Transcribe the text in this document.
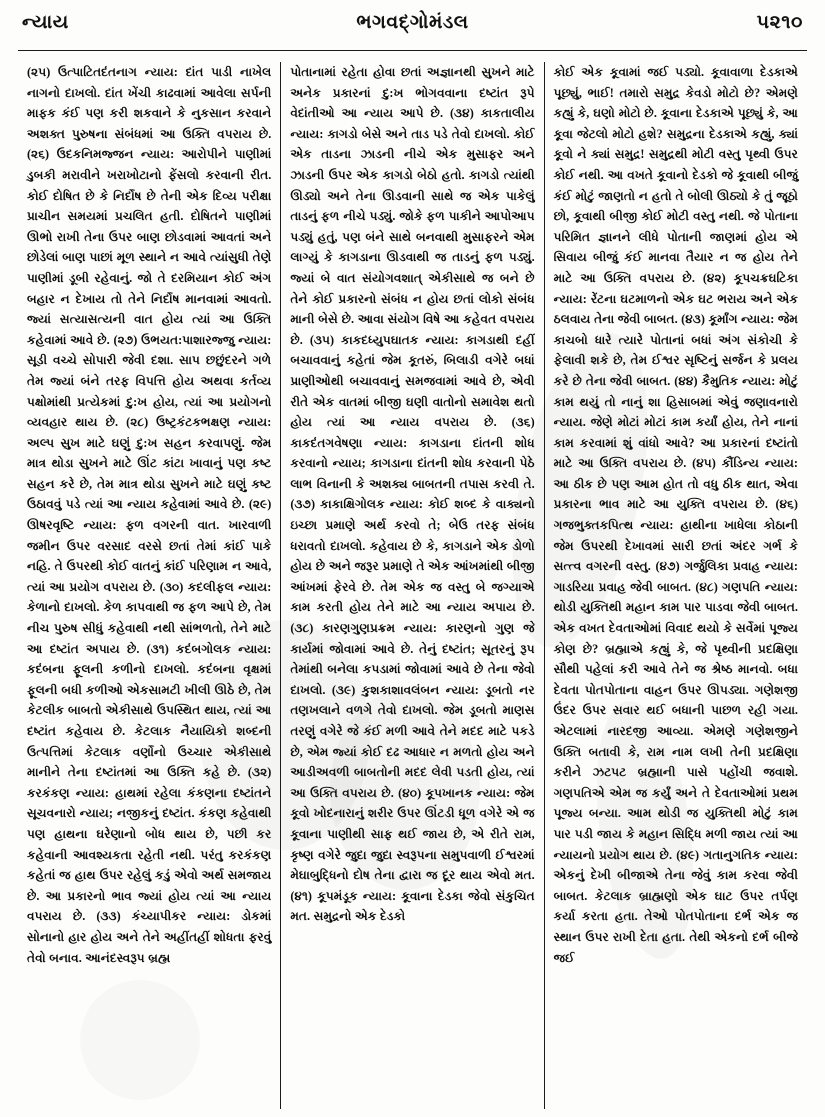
ન્યાય	ભગવદ્ગોમંડલ	૫૨૧૦

(૨૫) ઉત્પાટિતદંતનાગ ન્યાય: દાંત પાડી નાખેલ નાગનો દાખલો. દાંત ખેંચી કાઢવામાં આવેલા સર્પની માફક કંઈ પણ કરી શકવાને કે નુકસાન કરવાને અશક્ત પુરુષના સંબંધમાં આ ઉક્તિ વપરાય છે. (૨૬) ઉદકનિમજ્જન ન્યાય: આરોપીને પાણીમાં ડુબકી મરાવીને ખરાખોટાનો ફેંસલો કરવાની રીત. કોઈ દોષિત છે કે નિર્દોષ છે તેની એક દિવ્ય પરીક્ષા પ્રાચીન સમયમાં પ્રચલિત હતી. દોષિતને પાણીમાં ઊભો રાખી તેના ઉપર બાણ છોડવામાં આવતાં અને છોડેલાં બાણ પાછાં મૂળ સ્થાને ન આવે ત્યાંસુધી તેણે પાણીમાં ડૂબી રહેવાનું. જો તે દરમિયાન કોઈ અંગ બહાર ન દેખાય તો તેને નિર્દોષ માનવામાં આવતો. જ્યાં સત્યાસત્યની વાત હોય ત્યાં આ ઉક્તિ કહેવામાં આવે છે. (૨૭) ઉભયત:પાશારજ્જુ ન્યાય: સૂડી વચ્ચે સોપારી જેવી દશા. સાપ છછુંદરને ગળે તેમ જ્યાં બંને તરફ વિપત્તિ હોય અથવા કર્તવ્ય પક્ષોમાંથી પ્રત્યેકમાં દુ:ખ હોય, ત્યાં આ પ્રયોગનો વ્યવહાર થાય છે. (૨૮) ઉષ્ટ્રકંટકભક્ષણ ન્યાય: અલ્પ સુખ માટે ઘણું દુ:ખ સહન કરવાપણું. જેમ માત્ર થોડા સુખને માટે ઊંટ કાંટા ખાવાનું પણ કષ્ટ સહન કરે છે, તેમ માત્ર થોડા સુખને માટે ઘણું કષ્ટ ઉઠાવવું પડે ત્યાં આ ન્યાય કહેવામાં આવે છે. (૨૯) ઊષરવૃષ્ટિ ન્યાય: ફળ વગરની વાત. ખારવાળી જમીન ઉપર વરસાદ વરસે છતાં તેમાં કાંઈ પાકે નહિ. તે ઉપરથી કોઈ વાતનું કાંઈ પરિણામ ન આવે, ત્યાં આ પ્રયોગ વપરાય છે. (૩૦) કદલીફલ ન્યાય: કેળાનો દાખલો. કેળ કાપવાથી જ ફળ આપે છે, તેમ નીચ પુરુષ સીધું કહેવાથી નથી સાંભળતો, તેને માટે આ દષ્ટાંત અપાય છે. (૩૧) કદંબગોલક ન્યાય: કદંબના ફૂલની કળીનો દાખલો. કદંબના વૃક્ષમાં ફૂલની બધી કળીઓ એકસામટી ખીલી ઊઠે છે, તેમ કેટલીક બાબતો એકીસાથે ઉપસ્થિત થાય, ત્યાં આ દષ્ટાંત કહેવાય છે. કેટલાક નૈયાયિકો શબ્દની ઉત્પત્તિમાં કેટલાક વર્ણોનો ઉચ્ચાર એકીસાથે માનીને તેના દષ્ટાંતમાં આ ઉક્તિ કહે છે. (૩૨) કરકંકણ ન્યાય: હાથમાં રહેલા કંકણના દષ્ટાંતને સૂચવનારો ન્યાય; નજીકનું દષ્ટાંત. કંકણ કહેવાથી પણ હાથના ઘરેણાનો બોધ થાય છે, પછી કર કહેવાની આવશ્યકતા રહેતી નથી. પરંતુ કરકંકણ કહેતાં જ હાથ ઉપર રહેલું કડું એવો અર્થ સમજાય છે. આ પ્રકારનો ભાવ જ્યાં હોય ત્યાં આ ન્યાય વપરાય છે. (૩૩) કંચ્યાપીકર ન્યાય: ડોકમાં સોનાનો હાર હોય અને તેને અહીંતહીં શોધતા ફરવું તેવો બનાવ. આનંદસ્વરૂપ બ્રહ્મ

પોતાનામાં રહેતા હોવા છતાં અજ્ઞાનથી સુખને માટે અનેક પ્રકારનાં દુ:ખ ભોગવવાના દષ્ટાંત રૂપે વેદાંતીઓ આ ન્યાય આપે છે. (૩૪) કાકતાલીય ન્યાય: કાગડો બેસે અને તાડ પડે તેવો દાખલો. કોઈ એક તાડના ઝાડની નીચે એક મુસાફર અને ઝાડની ઉપર એક કાગડો બેઠો હતો. કાગડો ત્યાંથી ઊડ્યો અને તેના ઊડવાની સાથે જ એક પાકેલું તાડનું ફળ નીચે પડ્યું. જોકે ફળ પાકીને આપોઆપ પડ્યું હતું, પણ બંને સાથે બનવાથી મુસાફરને એમ લાગ્યું કે કાગડાના ઊડવાથી જ તાડનું ફળ પડ્યું. જ્યાં બે વાત સંયોગવશાત્ એકીસાથે જ બને છે તેને કોઈ પ્રકારનો સંબંધ ન હોય છતાં લોકો સંબંધ માની બેસે છે. આવા સંયોગ વિષે આ કહેવત વપરાય છે. (૩૫) કાકદધ્યુપઘાતક ન્યાય: કાગડાથી દહીં બચાવવાનું કહેતાં જેમ કૂતરું, બિલાડી વગેરે બધાં પ્રાણીઓથી બચાવવાનું સમજવામાં આવે છે, એવી રીતે એક વાતમાં બીજી ઘણી વાતોનો સમાવેશ થતો હોય ત્યાં આ ન્યાય વપરાય છે. (૩૬) કાકદંતગવેષણા ન્યાય: કાગડાના દાંતની શોધ કરવાનો ન્યાય; કાગડાના દાંતની શોધ કરવાની પેઠે લાભ વિનાની કે અશક્ય બાબતની તપાસ કરવી તે. (૩૭) કાકાક્ષિગોલક ન્યાય: કોઈ શબ્દ કે વાક્યનો ઇચ્છા પ્રમાણે અર્થ કરવો તે; બેઉ તરફ સંબંધ ધરાવતો દાખલો. કહેવાય છે કે, કાગડાને એક ડોળો હોય છે અને જરૂર પ્રમાણે તે એક આંખમાંથી બીજી આંખમાં ફેરવે છે. તેમ એક જ વસ્તુ બે જગ્યાએ કામ કરતી હોય તેને માટે આ ન્યાય અપાય છે. (૩૮) કારણગુણપ્રક્રમ ન્યાય: કારણનો ગુણ જે કાર્યમાં જોવામાં આવે છે. તેનું દષ્ટાંત; સૂતરનું રૂપ તેમાંથી બનેલા કપડામાં જોવામાં આવે છે તેના જેવો દાખલો. (૩૯) કુશકાશાવલંબન ન્યાય: ડૂબતો નર તણખલાને વળગે તેવો દાખલો. જેમ ડૂબતો માણસ તરણું વગેરે જે કંઈ મળી આવે તેને મદદ માટે પકડે છે, એમ જ્યાં કોઈ દઢ આધાર ન મળતો હોય અને આડીઅવળી બાબતોની મદદ લેવી પડતી હોય, ત્યાં આ ઉક્તિ વપરાય છે. (૪૦) કૂપખાનક ન્યાય: જેમ કૂવો ખોદનારાનું શરીર ઉપર ઊંટડી ધૂળ વગેરે એ જ કૂવાના પાણીથી સાફ થઈ જાય છે, એ રીતે રામ, કૃષ્ણ વગેરે જુદા જુદા સ્વરૂપના સમુપવાળી ઈશ્વરમાં મેઘાબુદ્ધિનો દોષ તેના દ્વારા જ દૂર થાય એવો મત. (૪૧) કૂપમંડૂક ન્યાય: કૂવાના દેડકા જેવો સંકુચિત મત. સમુદ્રનો એક દેડકો

કોઈ એક કૂવામાં જઈ પડ્યો. કૂવાવાળા દેડકાએ પૂછ્યું, ભાઈ! તમારો સમુદ્ર કેવડો મોટો છે? એમણે કહ્યું કે, ઘણો મોટો છે. કૂવાના દેડકાએ પૂછ્યું કે, આ કૂવા જેટલો મોટો હશે? સમુદ્રના દેડકાએ કહ્યું, ક્યાં કૂવો ને ક્યાં સમુદ્ર! સમુદ્રથી મોટી વસ્તુ પૃથ્વી ઉપર કોઈ નથી. આ વખતે કૂવાનો દેડકો જે કૂવાથી બીજું કંઈ મોટું જાણતો ન હતો તે બોલી ઊઠ્યો કે તું જૂઠો છો, કૂવાથી બીજી કોઈ મોટી વસ્તુ નથી. જે પોતાના પરિમિત જ્ઞાનને લીધે પોતાની જાણમાં હોય એ સિવાય બીજું કંઈ માનવા તૈયાર ન જ હોય તેને માટે આ ઉક્તિ વપરાય છે. (૪૨) કૂપચક્રઘટિકા ન્યાય: રેંટના ઘટમાળનો એક ઘટ ભરાય અને એક ઠલવાય તેના જેવી બાબત. (૪૩) કૂર્માંગ ન્યાય: જેમ કાચબો ધારે ત્યારે પોતાનાં બધાં અંગ સંકોચી કે ફેલાવી શકે છે, તેમ ઈશ્વર સૃષ્ટિનું સર્જન કે પ્રલય કરે છે તેના જેવી બાબત. (૪૪) કૈમુતિક ન્યાય: મોટું કામ થયું તો નાનું શા હિસાબમાં એવું જણાવનારો ન્યાય. જેણે મોટાં મોટાં કામ કર્યાં હોય, તેને નાનાં કામ કરવામાં શું વાંધો આવે? આ પ્રકારનાં દષ્ટાંતો માટે આ ઉક્તિ વપરાય છે. (૪૫) કૌંડિન્ય ન્યાય: આ ઠીક છે પણ આમ હોત તો વધુ ઠીક થાત, એવા પ્રકારના ભાવ માટે આ યુક્તિ વપરાય છે. (૪૬) ગજભુક્તકપિત્થ ન્યાય: હાથીના ખાધેલા કોઠાની જેમ ઉપરથી દેખાવમાં સારી છતાં અંદર ગર્ભ કે સત્ત્વ વગરની વસ્તુ. (૪૭) ગર્જુલિકા પ્રવાહ ન્યાય: ગાડરિયા પ્રવાહ જેવી બાબત. (૪૮) ગણપતિ ન્યાય: થોડી યુક્તિથી મહાન કામ પાર પાડવા જેવી બાબત. એક વખત દેવતાઓમાં વિવાદ થયો કે સર્વેમાં પૂજ્ય કોણ છે? બ્રહ્માએ કહ્યું કે, જે પૃથ્વીની પ્રદક્ષિણા સૌથી પહેલાં કરી આવે તેને જ શ્રેષ્ઠ માનવો. બધા દેવતા પોતપોતાના વાહન ઉપર ઊપડ્યા. ગણેશજી ઉંદર ઉપર સવાર થઈ બધાની પાછળ રહી ગયા. એટલામાં નારદજી આવ્યા. એમણે ગણેશજીને ઉક્તિ બતાવી કે, રામ નામ લખી તેની પ્રદક્ષિણા કરીને ઝટપટ બ્રહ્માની પાસે પહોંચી જવાશે. ગણપતિએ એમ જ કર્યું અને તે દેવતાઓમાં પ્રથમ પૂજ્ય બન્યા. આમ થોડી જ યુક્તિથી મોટું કામ પાર પડી જાય કે મહાન સિદ્ધિ મળી જાય ત્યાં આ ન્યાયનો પ્રયોગ થાય છે. (૪૯) ગતાનુગતિક ન્યાય: એકનું દેખી બીજાએ તેના જેવું કામ કરવા જેવી બાબત. કેટલાક બ્રાહ્મણો એક ઘાટ ઉપર તર્પણ કર્યા કરતા હતા. તેઓ પોતપોતાના દર્ભ એક જ સ્થાન ઉપર રાખી દેતા હતા. તેથી એકનો દર્ભ બીજે જઈ
